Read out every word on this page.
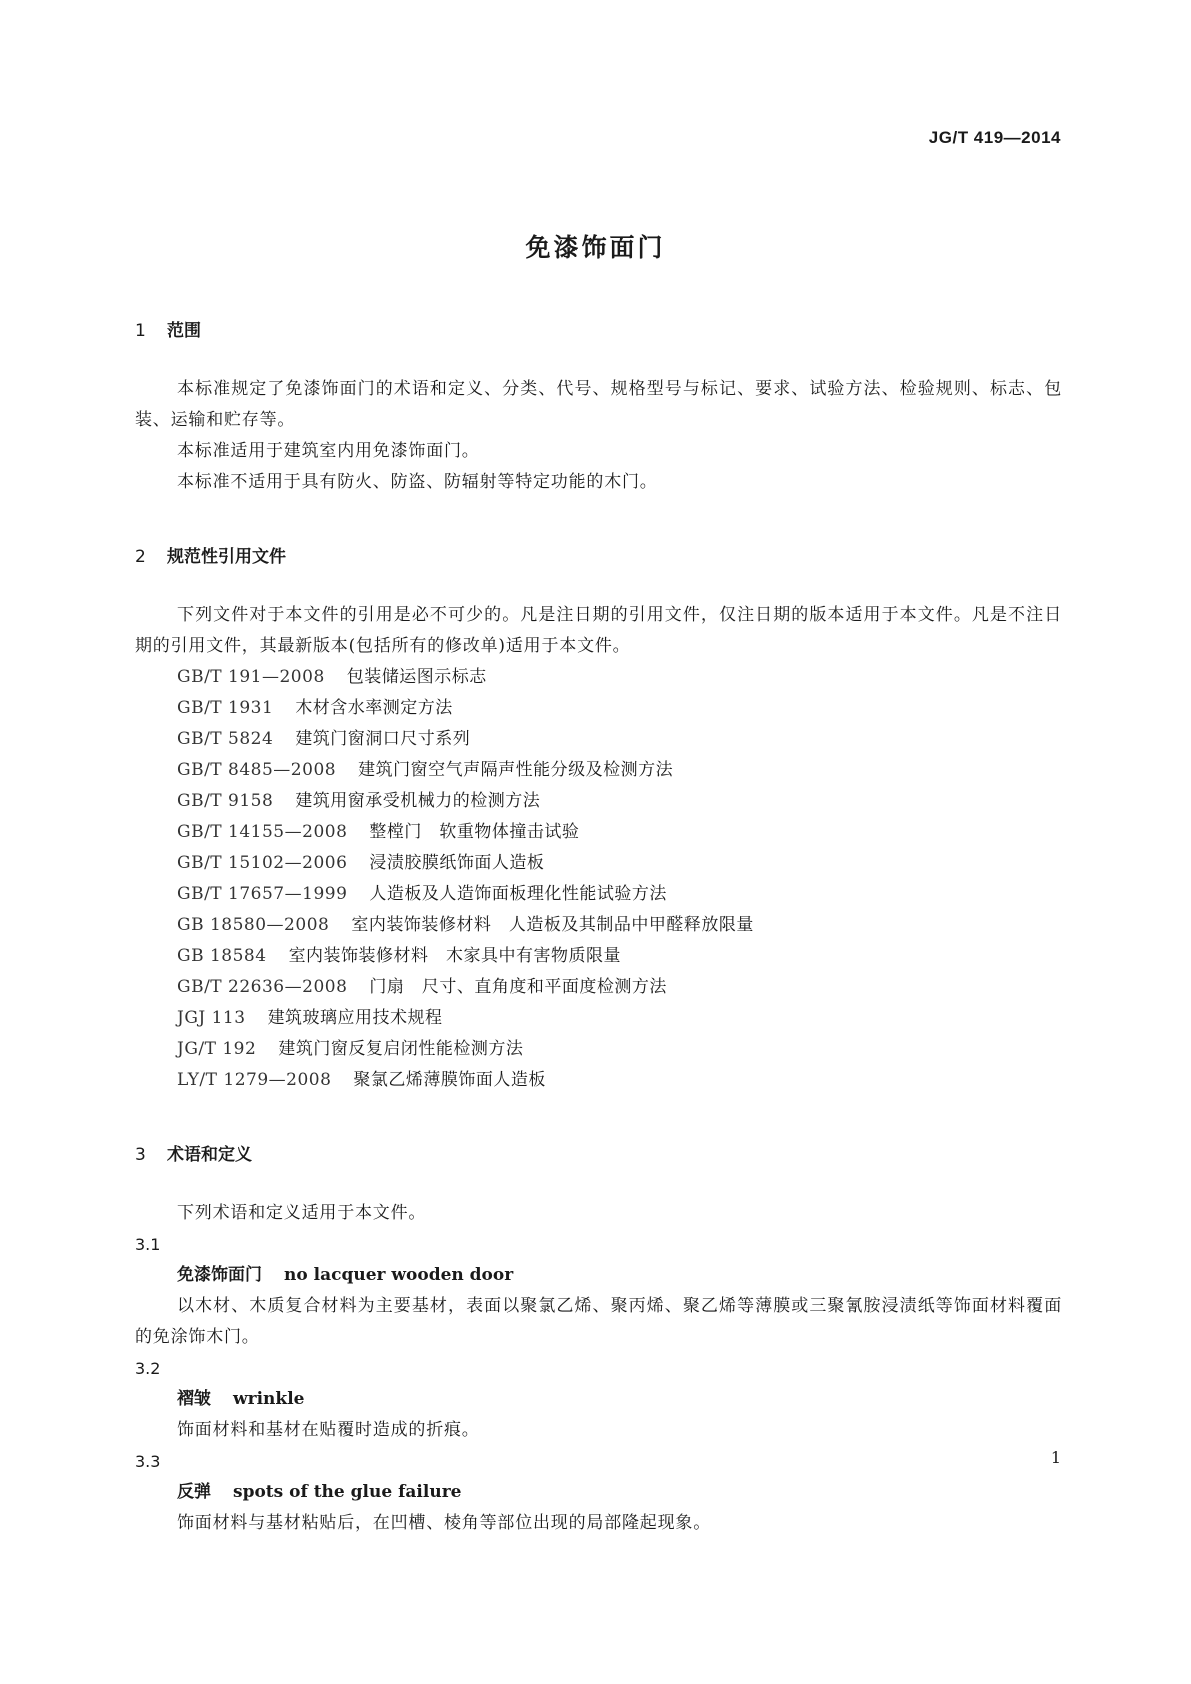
JG/T 419—2014
免漆饰面门
1 范围

本标准规定了免漆饰面门的术语和定义、分类、代号、规格型号与标记、要求、试验方法、检验规则、标志、包装、运输和贮存等。

本标准适用于建筑室内用免漆饰面门。

本标准不适用于具有防火、防盗、防辐射等特定功能的木门。

2 规范性引用文件

下列文件对于本文件的引用是必不可少的。凡是注日期的引用文件，仅注日期的版本适用于本文件。凡是不注日期的引用文件，其最新版本(包括所有的修改单)适用于本文件。

GB/T 191—2008 包装储运图示标志
GB/T 1931 木材含水率测定方法
GB/T 5824 建筑门窗洞口尺寸系列
GB/T 8485—2008 建筑门窗空气声隔声性能分级及检测方法
GB/T 9158 建筑用窗承受机械力的检测方法
GB/T 14155—2008 整樘门　软重物体撞击试验
GB/T 15102—2006 浸渍胶膜纸饰面人造板
GB/T 17657—1999 人造板及人造饰面板理化性能试验方法
GB 18580—2008 室内装饰装修材料　人造板及其制品中甲醛释放限量
GB 18584 室内装饰装修材料　木家具中有害物质限量
GB/T 22636—2008 门扇　尺寸、直角度和平面度检测方法
JGJ 113 建筑玻璃应用技术规程
JG/T 192 建筑门窗反复启闭性能检测方法
LY/T 1279—2008 聚氯乙烯薄膜饰面人造板
3 术语和定义

下列术语和定义适用于本文件。

3.1

免漆饰面门 no lacquer wooden door

以木材、木质复合材料为主要基材，表面以聚氯乙烯、聚丙烯、聚乙烯等薄膜或三聚氰胺浸渍纸等饰面材料覆面的免涂饰木门。

3.2

褶皱 wrinkle

饰面材料和基材在贴覆时造成的折痕。

3.3

反弹 spots of the glue failure

饰面材料与基材粘贴后，在凹槽、棱角等部位出现的局部隆起现象。

1
